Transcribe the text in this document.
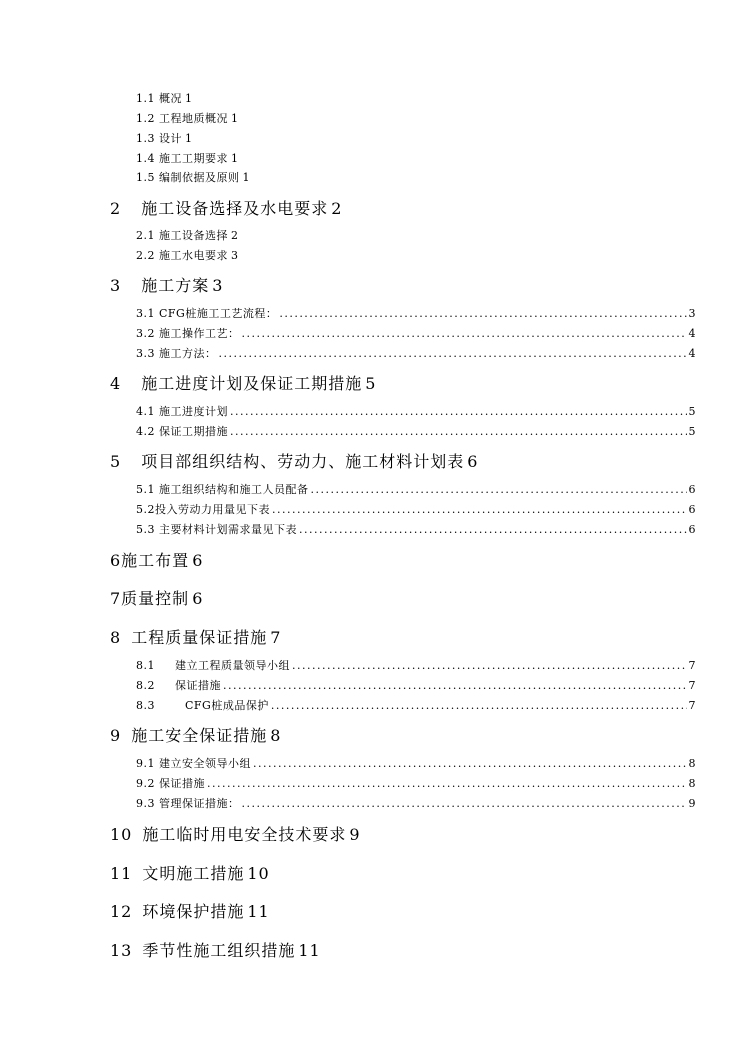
1.1 概况 1
1.2 工程地质概况 1
1.3 设计 1
1.4 施工工期要求 1
1.5 编制依据及原则 1
2 施工设备选择及水电要求 2
2.1 施工设备选择 2
2.2 施工水电要求 3
3 施工方案 3
3.1 CFG桩施工工艺流程： .....	3
3.2 施工操作工艺： .....	4
3.3 施工方法： .....	4
4 施工进度计划及保证工期措施 5
4.1 施工进度计划 .....	5
4.2 保证工期措施 .....	5
5 项目部组织结构、劳动力、施工材料计划表 6
5.1 施工组织结构和施工人员配备 .....	6
5.2投入劳动力用量见下表 .....	6
5.3 主要材料计划需求量见下表 .....	6
6施工布置 6
7质量控制 6
8 工程质量保证措施 7
8.1 建立工程质量领导小组 .....	7
8.2 保证措施 .....	7
8.3	CFG桩成品保护 .....	7
9 施工安全保证措施 8
9.1 建立安全领导小组 .....	8
9.2 保证措施 .....	8
9.3 管理保证措施： .....	9
10 施工临时用电安全技术要求 9
11 文明施工措施 10
12 环境保护措施 11
13 季节性施工组织措施 11
